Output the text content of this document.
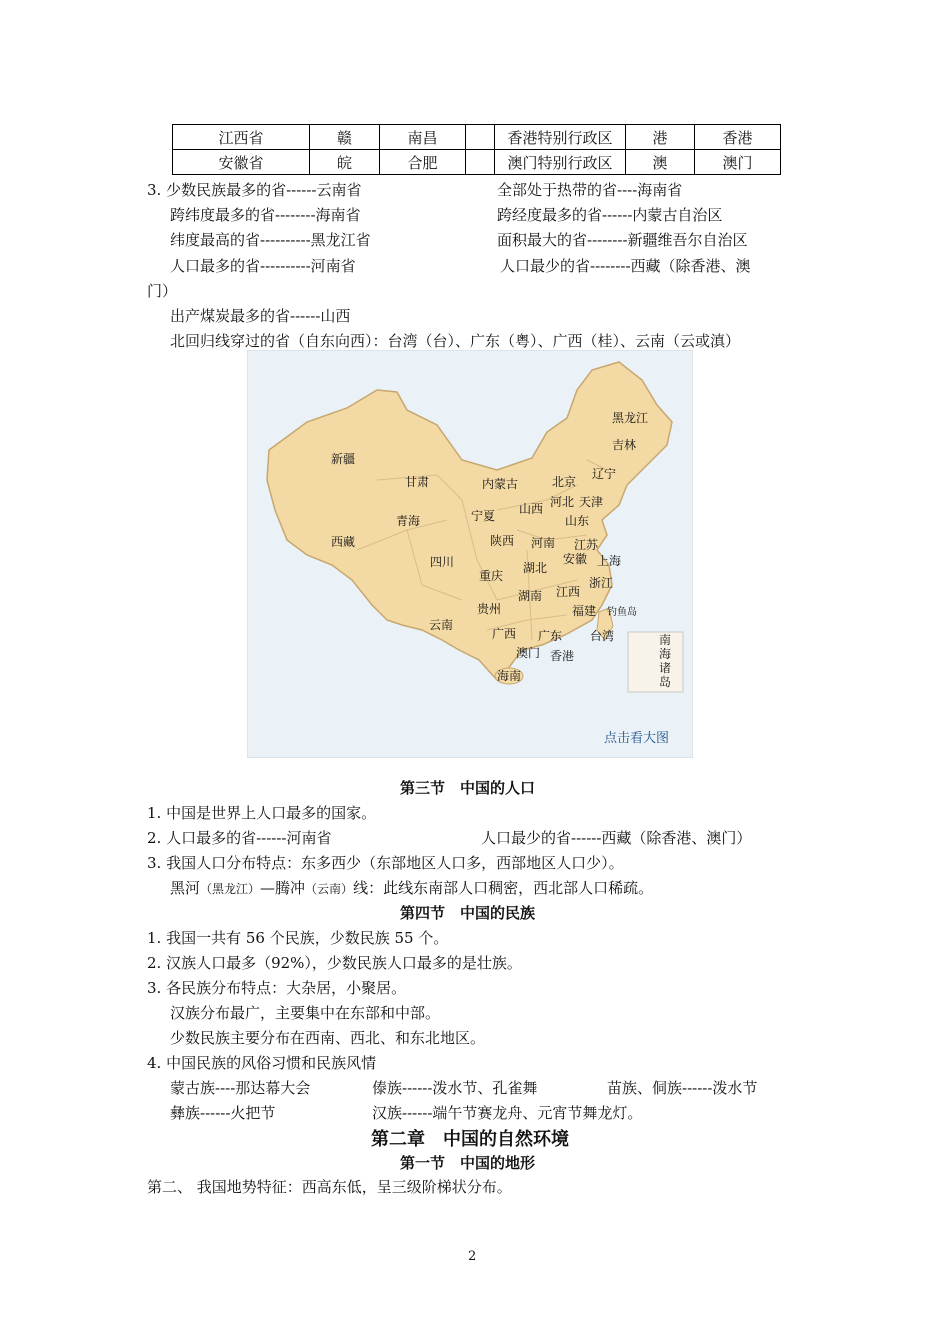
江西省	赣	南昌		香港特别行政区	港	香港
安徽省	皖	合肥		澳门特别行政区	澳	澳门
3. 少数民族最多的省------云南省	全部处于热带的省----海南省
跨纬度最多的省--------海南省	跨经度最多的省------内蒙古自治区
纬度最高的省----------黑龙江省	面积最大的省--------新疆维吾尔自治区
人口最多的省----------河南省	人口最少的省--------西藏（除香港、澳
门）
出产煤炭最多的省------山西
北回归线穿过的省（自东向西）：台湾（台）、广东（粤）、广西（桂）、云南（云或滇）
黑龙江
吉林
辽宁
新疆
甘肃	内蒙古	北京
河北 天津
山西
山东
宁夏
青海
西藏	陕西 河南 江苏
安徽 上海
四川
重庆
湖北
浙江
湖南 江西
贵州	福建 钓鱼岛
云南
广西 广东 台湾
澳门 香港
海南
南海诸岛
点击看大图
第三节　中国的人口
1. 中国是世界上人口最多的国家。
2. 人口最多的省------河南省	人口最少的省------西藏（除香港、澳门）
3. 我国人口分布特点：东多西少（东部地区人口多，西部地区人口少）。
黑河（黑龙江）—腾冲（云南）线：此线东南部人口稠密，西北部人口稀疏。
第四节　中国的民族
1. 我国一共有 56 个民族，少数民族 55 个。
2. 汉族人口最多（92%），少数民族人口最多的是壮族。
3. 各民族分布特点：大杂居，小聚居。
汉族分布最广，主要集中在东部和中部。
少数民族主要分布在西南、西北、和东北地区。
4. 中国民族的风俗习惯和民族风情
蒙古族----那达幕大会	傣族------泼水节、孔雀舞	苗族、侗族------泼水节
彝族------火把节	汉族------端午节赛龙舟、元宵节舞龙灯。
第二章　中国的自然环境
第一节　中国的地形
第二、 我国地势特征：西高东低，呈三级阶梯状分布。
2
